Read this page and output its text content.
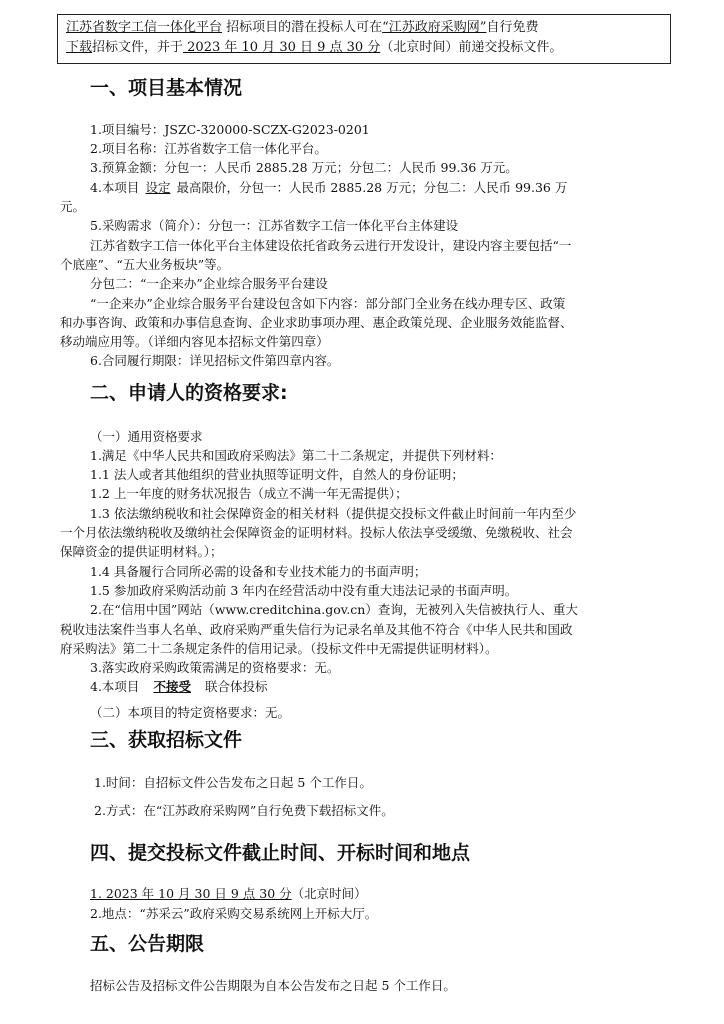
江苏省数字工信一体化平台 招标项目的潜在投标人可在“江苏政府采购网”自行免费
下载招标文件，并于 2023 年 10 月 30 日 9 点 30 分（北京时间）前递交投标文件。
一、项目基本情况

1.项目编号：JSZC-320000-SCZX-G2023-0201

2.项目名称：江苏省数字工信一体化平台。

3.预算金额：分包一：人民币 2885.28 万元；分包二：人民币 99.36 万元。

4.本项目 设定 最高限价，分包一：人民币 2885.28 万元；分包二：人民币 99.36 万

元。

5.采购需求（简介）：分包一：江苏省数字工信一体化平台主体建设

江苏省数字工信一体化平台主体建设依托省政务云进行开发设计，建设内容主要包括“一

个底座”、“五大业务板块”等。

分包二：“一企来办”企业综合服务平台建设

“一企来办”企业综合服务平台建设包含如下内容：部分部门全业务在线办理专区、政策

和办事咨询、政策和办事信息查询、企业求助事项办理、惠企政策兑现、企业服务效能监督、

移动端应用等。（详细内容见本招标文件第四章）

6.合同履行期限：详见招标文件第四章内容。

二、申请人的资格要求:

（一）通用资格要求

1.满足《中华人民共和国政府采购法》第二十二条规定，并提供下列材料：

1.1 法人或者其他组织的营业执照等证明文件，自然人的身份证明；

1.2 上一年度的财务状况报告（成立不满一年无需提供）；

1.3 依法缴纳税收和社会保障资金的相关材料（提供提交投标文件截止时间前一年内至少

一个月依法缴纳税收及缴纳社会保障资金的证明材料。投标人依法享受缓缴、免缴税收、社会

保障资金的提供证明材料。）；

1.4 具备履行合同所必需的设备和专业技术能力的书面声明；

1.5 参加政府采购活动前 3 年内在经营活动中没有重大违法记录的书面声明。

2.在“信用中国”网站（www.creditchina.gov.cn）查询，无被列入失信被执行人、重大

税收违法案件当事人名单、政府采购严重失信行为记录名单及其他不符合《中华人民共和国政

府采购法》第二十二条规定条件的信用记录。（投标文件中无需提供证明材料）。

3.落实政府采购政策需满足的资格要求：无。

4.本项目 不接受 联合体投标

（二）本项目的特定资格要求：无。

三、获取招标文件

1.时间：自招标文件公告发布之日起 5 个工作日。

2.方式：在“江苏政府采购网”自行免费下载招标文件。

四、提交投标文件截止时间、开标时间和地点

1. 2023 年 10 月 30 日 9 点 30 分（北京时间）

2.地点：“苏采云”政府采购交易系统网上开标大厅。

五、公告期限

招标公告及招标文件公告期限为自本公告发布之日起 5 个工作日。
